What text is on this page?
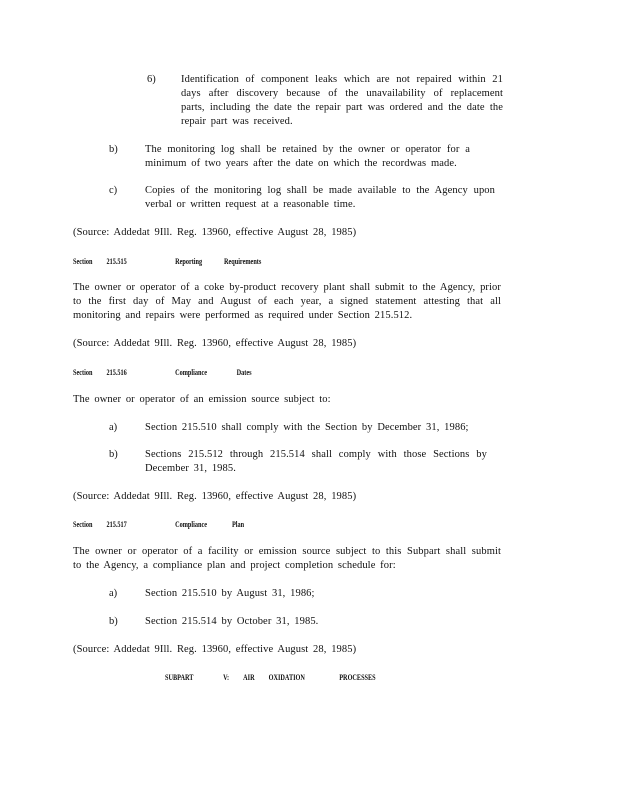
6) Identification of component leaks which are not repaired within 21 days after discovery because of the unavailability of replacement parts, including the date the repair part was ordered and the date the repair part was received.
b)	The monitoring log shall be retained by the owner or operator for a minimum of two years after the date on which the recordwas made.
c)	Copies of the monitoring log shall be made available to the Agency upon verbal or written request at a reasonable time.
(Source: Addedat 9Ill. Reg. 13960, effective August 28, 1985)
Section 215.515	Reporting	Requirements
The owner or operator of a coke by-product recovery plant shall submit to the Agency, prior to the first day of May and August of each year, a signed statement attesting that all monitoring and repairs were performed as required under Section 215.512.
(Source: Addedat 9Ill. Reg. 13960, effective August 28, 1985)
Section 215.516	Compliance	Dates
The owner or operator of an emission source subject to:
a)	Section 215.510 shall comply with the Section by December 31, 1986;
b)	Sections 215.512 through 215.514 shall comply with those Sections by December 31, 1985.
(Source: Addedat 9Ill. Reg. 13960, effective August 28, 1985)
Section 215.517	Compliance	Plan
The owner or operator of a facility or emission source subject to this Subpart shall submit to the Agency, a compliance plan and project completion schedule for:
a)	Section 215.510 by August 31, 1986;
b)	Section 215.514 by October 31, 1985.
(Source: Addedat 9Ill. Reg. 13960, effective August 28, 1985)
SUBPART	V: AIR OXIDATION	PROCESSES
